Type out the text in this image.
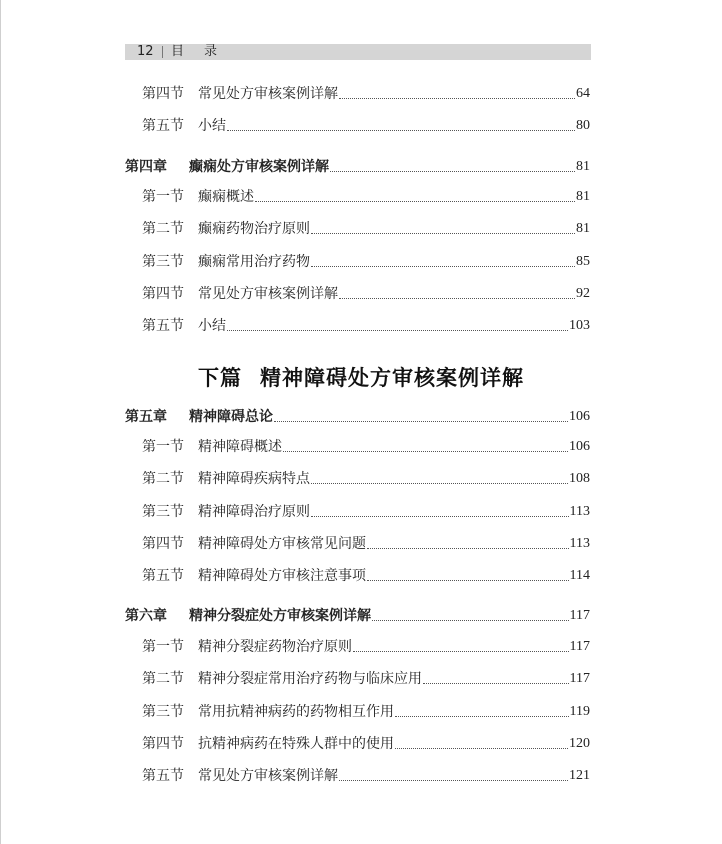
12 目 录
第四节	常见处方审核案例详解	64
第五节	小结	80
第四章	癫痫处方审核案例详解	81
第一节	癫痫概述	81
第二节	癫痫药物治疗原则	81
第三节	癫痫常用治疗药物	85
第四节	常见处方审核案例详解	92
第五节	小结	103
下篇 精神障碍处方审核案例详解
第五章	精神障碍总论	106
第一节	精神障碍概述	106
第二节	精神障碍疾病特点	108
第三节	精神障碍治疗原则	113
第四节	精神障碍处方审核常见问题	113
第五节	精神障碍处方审核注意事项	114
第六章	精神分裂症处方审核案例详解	117
第一节	精神分裂症药物治疗原则	117
第二节	精神分裂症常用治疗药物与临床应用	117
第三节	常用抗精神病药的药物相互作用	119
第四节	抗精神病药在特殊人群中的使用	120
第五节	常见处方审核案例详解	121
